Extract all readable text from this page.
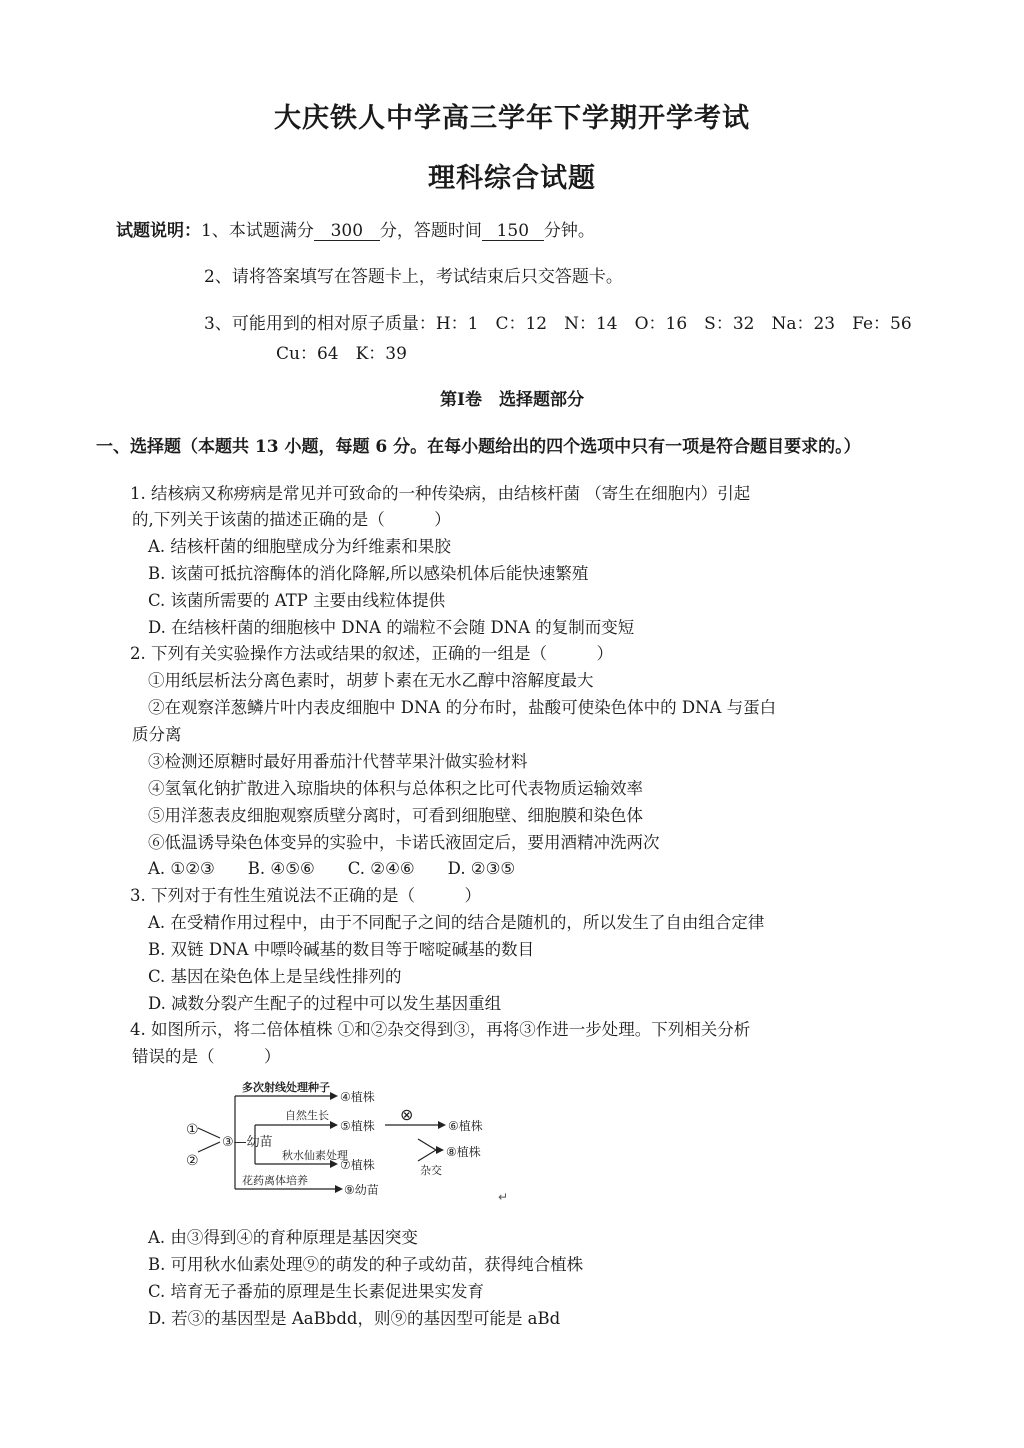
大庆铁人中学高三学年下学期开学考试
理科综合试题
试题说明：1、本试题满分 300 分，答题时间 150 分钟。
2、请将答案填写在答题卡上，考试结束后只交答题卡。
3、可能用到的相对原子质量：H：1　C：12　N：14　O：16　S：32　Na：23　Fe：56
Cu：64　K：39
第Ⅰ卷　选择题部分
一、选择题（本题共 13 小题，每题 6 分。在每小题给出的四个选项中只有一项是符合题目要求的。）
1. 结核病又称痨病是常见并可致命的一种传染病，由结核杆菌 （寄生在细胞内）引起
的,下列关于该菌的描述正确的是（　　　）
A. 结核杆菌的细胞壁成分为纤维素和果胶
B. 该菌可抵抗溶酶体的消化降解,所以感染机体后能快速繁殖
C. 该菌所需要的 ATP 主要由线粒体提供
D. 在结核杆菌的细胞核中 DNA 的端粒不会随 DNA 的复制而变短
2. 下列有关实验操作方法或结果的叙述，正确的一组是（　　　）
①用纸层析法分离色素时，胡萝卜素在无水乙醇中溶解度最大
②在观察洋葱鳞片叶内表皮细胞中 DNA 的分布时，盐酸可使染色体中的 DNA 与蛋白
质分离
③检测还原糖时最好用番茄汁代替苹果汁做实验材料
④氢氧化钠扩散进入琼脂块的体积与总体积之比可代表物质运输效率
⑤用洋葱表皮细胞观察质壁分离时，可看到细胞壁、细胞膜和染色体
⑥低温诱导染色体变异的实验中，卡诺氏液固定后，要用酒精冲洗两次
A. ①②③　　B. ④⑤⑥　　C. ②④⑥　　D. ②③⑤
3. 下列对于有性生殖说法不正确的是（　　　）
A. 在受精作用过程中，由于不同配子之间的结合是随机的，所以发生了自由组合定律
B. 双链 DNA 中嘌呤碱基的数目等于嘧啶碱基的数目
C. 基因在染色体上是呈线性排列的
D. 减数分裂产生配子的过程中可以发生基因重组
4. 如图所示，将二倍体植株 ①和②杂交得到③，再将③作进一步处理。下列相关分析
错误的是（　　　）
①
②
③—幼苗
多次射线处理种子
④植株
自然生长
⑤植株
⊗
⑥植株
秋水仙素处理
⑦植株	杂交
⑧植株
花药离体培养
⑨幼苗	↵
A. 由③得到④的育种原理是基因突变
B. 可用秋水仙素处理⑨的萌发的种子或幼苗，获得纯合植株
C. 培育无子番茄的原理是生长素促进果实发育
D. 若③的基因型是 AaBbdd，则⑨的基因型可能是 aBd
